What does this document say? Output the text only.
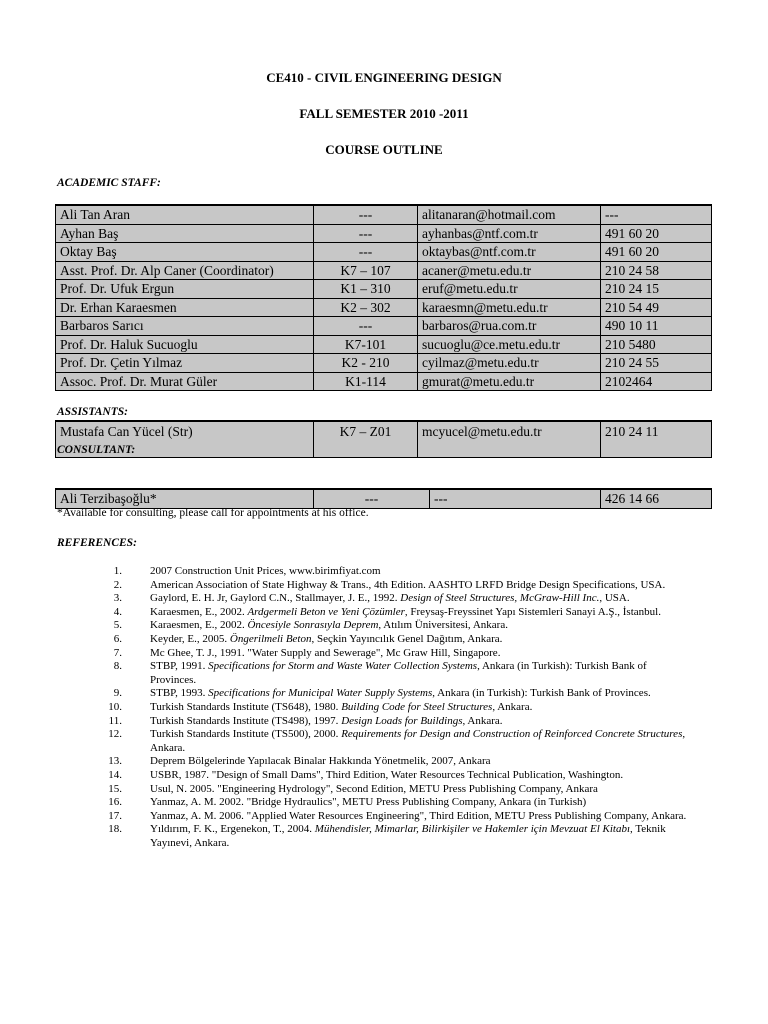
CE410 - CIVIL ENGINEERING DESIGN
FALL SEMESTER 2010 -2011
COURSE OUTLINE
ACADEMIC STAFF:
Ali Tan Aran	---	alitanaran@hotmail.com	---
Ayhan Baş	---	ayhanbas@ntf.com.tr	491 60 20
Oktay Baş	---	oktaybas@ntf.com.tr	491 60 20
Asst. Prof. Dr. Alp Caner (Coordinator)	K7 – 107	acaner@metu.edu.tr	210 24 58
Prof. Dr. Ufuk Ergun	K1 – 310	eruf@metu.edu.tr	210 24 15
Dr. Erhan Karaesmen	K2 – 302	karaesmn@metu.edu.tr	210 54 49
Barbaros Sarıcı	---	barbaros@rua.com.tr	490 10 11
Prof. Dr. Haluk Sucuoglu	K7-101	sucuoglu@ce.metu.edu.tr	210 5480
Prof. Dr. Çetin Yılmaz	K2 - 210	cyilmaz@metu.edu.tr	210 24 55
Assoc. Prof. Dr. Murat Güler	K1-114	gmurat@metu.edu.tr	2102464
ASSISTANTS:
Mustafa Can Yücel (Str)	K7 – Z01	mcyucel@metu.edu.tr	210 24 11
CONSULTANT:
Ali Terzibaşoğlu*	---	---	426 14 66
*Available for consulting, please call for appointments at his office.
REFERENCES:
1.	2007 Construction Unit Prices, www.birimfiyat.com
2.	American Association of State Highway & Trans., 4th Edition. AASHTO LRFD Bridge Design Specifications, USA.
3.	Gaylord, E. H. Jr, Gaylord C.N., Stallmayer, J. E., 1992. Design of Steel Structures, McGraw-Hill Inc., USA.
4.	Karaesmen, E., 2002. Ardgermeli Beton ve Yeni Çözümler, Freysaş-Freyssinet Yapı Sistemleri Sanayi A.Ş., İstanbul.
5.	Karaesmen, E., 2002. Öncesiyle Sonrasıyla Deprem, Atılım Üniversitesi, Ankara.
6.	Keyder, E., 2005. Öngerilmeli Beton, Seçkin Yayıncılık Genel Dağıtım, Ankara.
7.	Mc Ghee, T. J., 1991. "Water Supply and Sewerage", Mc Graw Hill, Singapore.
8.	STBP, 1991. Specifications for Storm and Waste Water Collection Systems, Ankara (in Turkish): Turkish Bank of Provinces.
9.	STBP, 1993. Specifications for Municipal Water Supply Systems, Ankara (in Turkish): Turkish Bank of Provinces.
10.	Turkish Standards Institute (TS648), 1980. Building Code for Steel Structures, Ankara.
11.	Turkish Standards Institute (TS498), 1997. Design Loads for Buildings, Ankara.
12.	Turkish Standards Institute (TS500), 2000. Requirements for Design and Construction of Reinforced Concrete Structures, Ankara.
13.	Deprem Bölgelerinde Yapılacak Binalar Hakkında Yönetmelik, 2007, Ankara
14.	USBR, 1987. "Design of Small Dams", Third Edition, Water Resources Technical Publication, Washington.
15.	Usul, N. 2005. "Engineering Hydrology", Second Edition, METU Press Publishing Company, Ankara
16.	Yanmaz, A. M. 2002. "Bridge Hydraulics", METU Press Publishing Company, Ankara (in Turkish)
17.	Yanmaz, A. M. 2006. "Applied Water Resources Engineering", Third Edition, METU Press Publishing Company, Ankara.
18.	Yıldırım, F. K., Ergenekon, T., 2004. Mühendisler, Mimarlar, Bilirkişiler ve Hakemler için Mevzuat El Kitabı, Teknik Yayınevi, Ankara.
